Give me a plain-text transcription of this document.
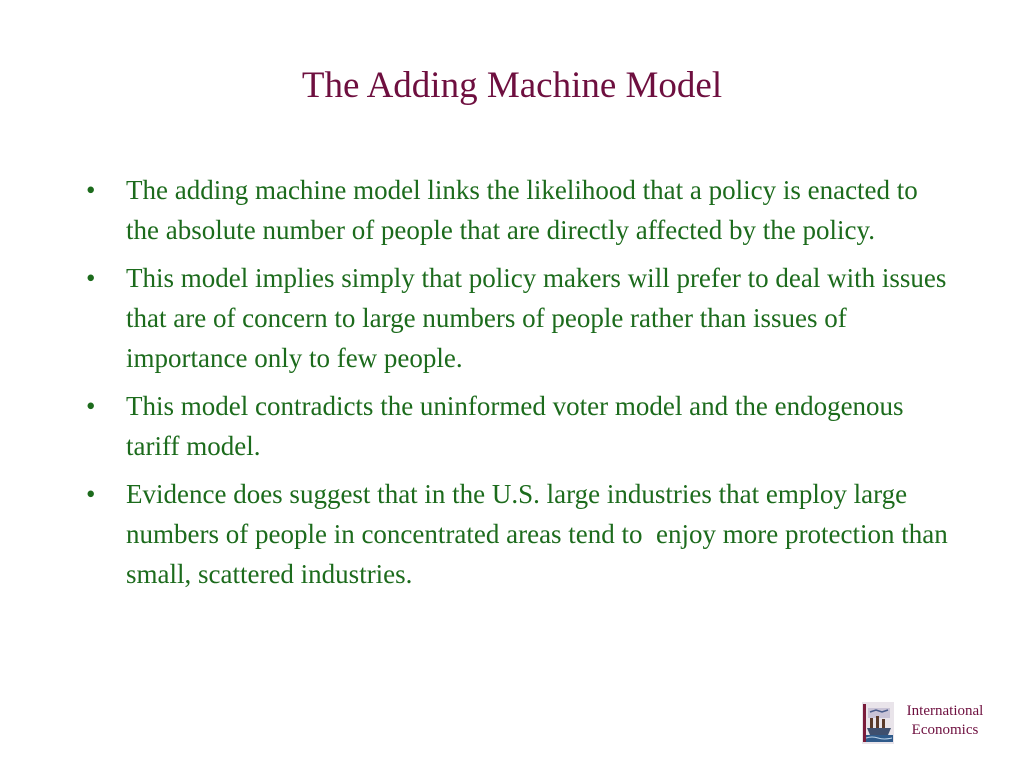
The Adding Machine Model
•	The adding machine model links the likelihood that a policy is enacted to the absolute number of people that are directly affected by the policy.
•	This model implies simply that policy makers will prefer to deal with issues that are of concern to large numbers of people rather than issues of importance only to few people.
•	This model contradicts the uninformed voter model and the endogenous tariff model.
•	Evidence does suggest that in the U.S. large industries that employ large numbers of people in concentrated areas tend to  enjoy more protection than small, scattered industries.
International
Economics
